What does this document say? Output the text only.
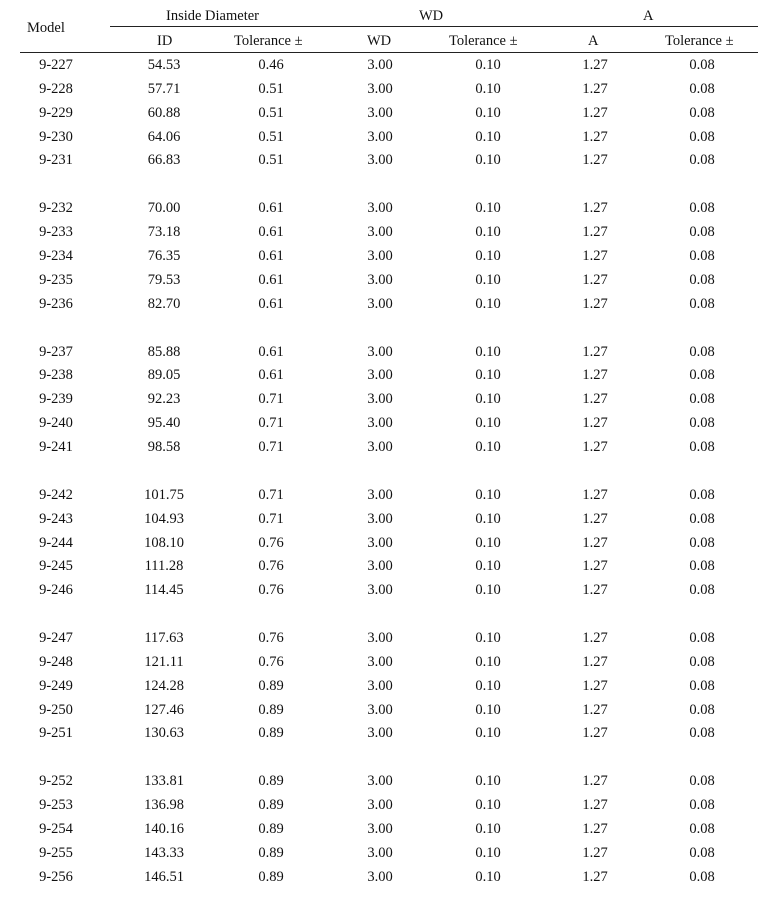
Model
Inside Diameter	WD	A
ID	Tolerance ±	WD	Tolerance ±	A	Tolerance ±
9-227	54.53	0.46	3.00	0.10	1.27	0.08
9-228	57.71	0.51	3.00	0.10	1.27	0.08
9-229	60.88	0.51	3.00	0.10	1.27	0.08
9-230	64.06	0.51	3.00	0.10	1.27	0.08
9-231	66.83	0.51	3.00	0.10	1.27	0.08
9-232	70.00	0.61	3.00	0.10	1.27	0.08
9-233	73.18	0.61	3.00	0.10	1.27	0.08
9-234	76.35	0.61	3.00	0.10	1.27	0.08
9-235	79.53	0.61	3.00	0.10	1.27	0.08
9-236	82.70	0.61	3.00	0.10	1.27	0.08
9-237	85.88	0.61	3.00	0.10	1.27	0.08
9-238	89.05	0.61	3.00	0.10	1.27	0.08
9-239	92.23	0.71	3.00	0.10	1.27	0.08
9-240	95.40	0.71	3.00	0.10	1.27	0.08
9-241	98.58	0.71	3.00	0.10	1.27	0.08
9-242	101.75	0.71	3.00	0.10	1.27	0.08
9-243	104.93	0.71	3.00	0.10	1.27	0.08
9-244	108.10	0.76	3.00	0.10	1.27	0.08
9-245	111.28	0.76	3.00	0.10	1.27	0.08
9-246	114.45	0.76	3.00	0.10	1.27	0.08
9-247	117.63	0.76	3.00	0.10	1.27	0.08
9-248	121.11	0.76	3.00	0.10	1.27	0.08
9-249	124.28	0.89	3.00	0.10	1.27	0.08
9-250	127.46	0.89	3.00	0.10	1.27	0.08
9-251	130.63	0.89	3.00	0.10	1.27	0.08
9-252	133.81	0.89	3.00	0.10	1.27	0.08
9-253	136.98	0.89	3.00	0.10	1.27	0.08
9-254	140.16	0.89	3.00	0.10	1.27	0.08
9-255	143.33	0.89	3.00	0.10	1.27	0.08
9-256	146.51	0.89	3.00	0.10	1.27	0.08
